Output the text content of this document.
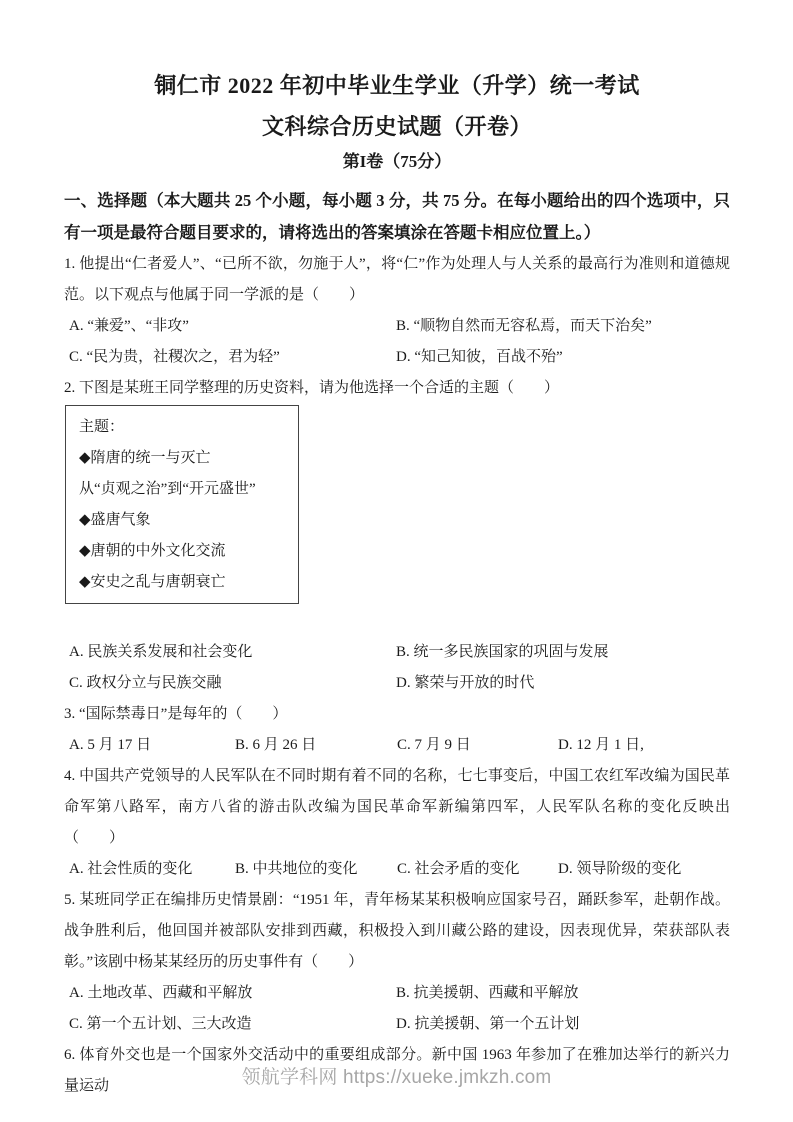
铜仁市 2022 年初中毕业生学业（升学）统一考试
文科综合历史试题（开卷）
第I卷（75分）

一、选择题（本大题共 25 个小题，每小题 3 分，共 75 分。在每小题给出的四个选项中，只有一项是最符合题目要求的，请将选出的答案填涂在答题卡相应位置上。）

1. 他提出“仁者爱人”、“已所不欲，勿施于人”，将“仁”作为处理人与人关系的最高行为准则和道德规范。以下观点与他属于同一学派的是（　　）

A. “兼爱”、“非攻”	B. “顺物自然而无容私焉，而天下治矣”
C. “民为贵，社稷次之，君为轻”	D. “知己知彼，百战不殆”

2. 下图是某班王同学整理的历史资料，请为他选择一个合适的主题（　　）

主题：

◆隋唐的统一与灭亡

从“贞观之治”到“开元盛世”

◆盛唐气象

◆唐朝的中外文化交流

◆安史之乱与唐朝衰亡

A. 民族关系发展和社会变化	B. 统一多民族国家的巩固与发展
C. 政权分立与民族交融	D. 繁荣与开放的时代

3. “国际禁毒日”是每年的（　　）

A. 5 月 17 日	B. 6 月 26 日	C. 7 月 9 日	D. 12 月 1 日,

4. 中国共产党领导的人民军队在不同时期有着不同的名称，七七事变后，中国工农红军改编为国民革命军第八路军，南方八省的游击队改编为国民革命军新编第四军，人民军队名称的变化反映出（　　）

A. 社会性质的变化	B. 中共地位的变化	C. 社会矛盾的变化	D. 领导阶级的变化

5. 某班同学正在编排历史情景剧：“1951 年，青年杨某某积极响应国家号召，踊跃参军，赴朝作战。战争胜利后，他回国并被部队安排到西藏，积极投入到川藏公路的建设，因表现优异，荣获部队表彰。”该剧中杨某某经历的历史事件有（　　）

A. 土地改革、西藏和平解放	B. 抗美援朝、西藏和平解放
C. 第一个五计划、三大改造	D. 抗美援朝、第一个五计划

6. 体育外交也是一个国家外交活动中的重要组成部分。新中国 1963 年参加了在雅加达举行的新兴力量运动	领航学科网 https://xueke.jmkzh.com
